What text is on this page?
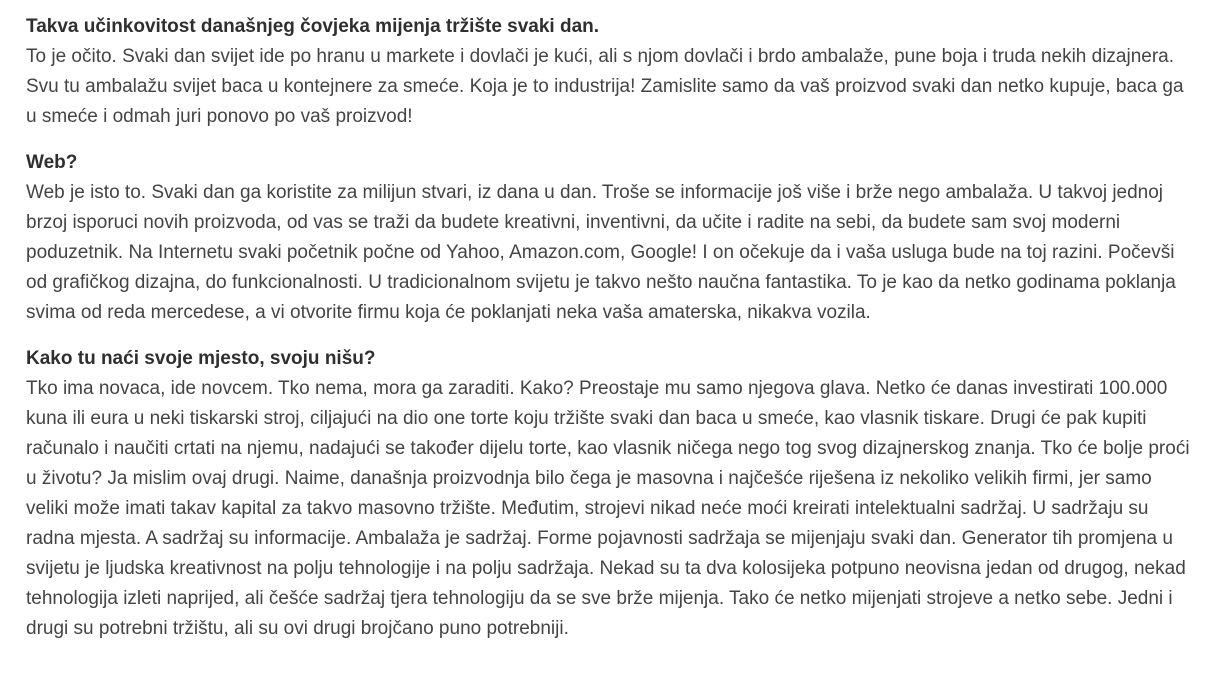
Takva učinkovitost današnjeg čovjeka mijenja tržište svaki dan.

To je očito. Svaki dan svijet ide po hranu u markete i dovlači je kući, ali s njom dovlači i brdo ambalaže, pune boja i truda nekih dizajnera. Svu tu ambalažu svijet baca u kontejnere za smeće. Koja je to industrija! Zamislite samo da vaš proizvod svaki dan netko kupuje, baca ga u smeće i odmah juri ponovo po vaš proizvod!

Web?

Web je isto to. Svaki dan ga koristite za milijun stvari, iz dana u dan. Troše se informacije još više i brže nego ambalaža. U takvoj jednoj brzoj isporuci novih proizvoda, od vas se traži da budete kreativni, inventivni, da učite i radite na sebi, da budete sam svoj moderni poduzetnik. Na Internetu svaki početnik počne od Yahoo, Amazon.com, Google! I on očekuje da i vaša usluga bude na toj razini. Počevši od grafičkog dizajna, do funkcionalnosti. U tradicionalnom svijetu je takvo nešto naučna fantastika. To je kao da netko godinama poklanja svima od reda mercedese, a vi otvorite firmu koja će poklanjati neka vaša amaterska, nikakva vozila.

Kako tu naći svoje mjesto, svoju nišu?

Tko ima novaca, ide novcem. Tko nema, mora ga zaraditi. Kako? Preostaje mu samo njegova glava. Netko će danas investirati 100.000 kuna ili eura u neki tiskarski stroj, ciljajući na dio one torte koju tržište svaki dan baca u smeće, kao vlasnik tiskare. Drugi će pak kupiti računalo i naučiti crtati na njemu, nadajući se također dijelu torte, kao vlasnik ničega nego tog svog dizajnerskog znanja. Tko će bolje proći u životu? Ja mislim ovaj drugi. Naime, današnja proizvodnja bilo čega je masovna i najčešće riješena iz nekoliko velikih firmi, jer samo veliki može imati takav kapital za takvo masovno tržište. Međutim, strojevi nikad neće moći kreirati intelektualni sadržaj. U sadržaju su radna mjesta. A sadržaj su informacije. Ambalaža je sadržaj. Forme pojavnosti sadržaja se mijenjaju svaki dan. Generator tih promjena u svijetu je ljudska kreativnost na polju tehnologije i na polju sadržaja. Nekad su ta dva kolosijeka potpuno neovisna jedan od drugog, nekad tehnologija izleti naprijed, ali češće sadržaj tjera tehnologiju da se sve brže mijenja. Tako će netko mijenjati strojeve a netko sebe. Jedni i drugi su potrebni tržištu, ali su ovi drugi brojčano puno potrebniji.
